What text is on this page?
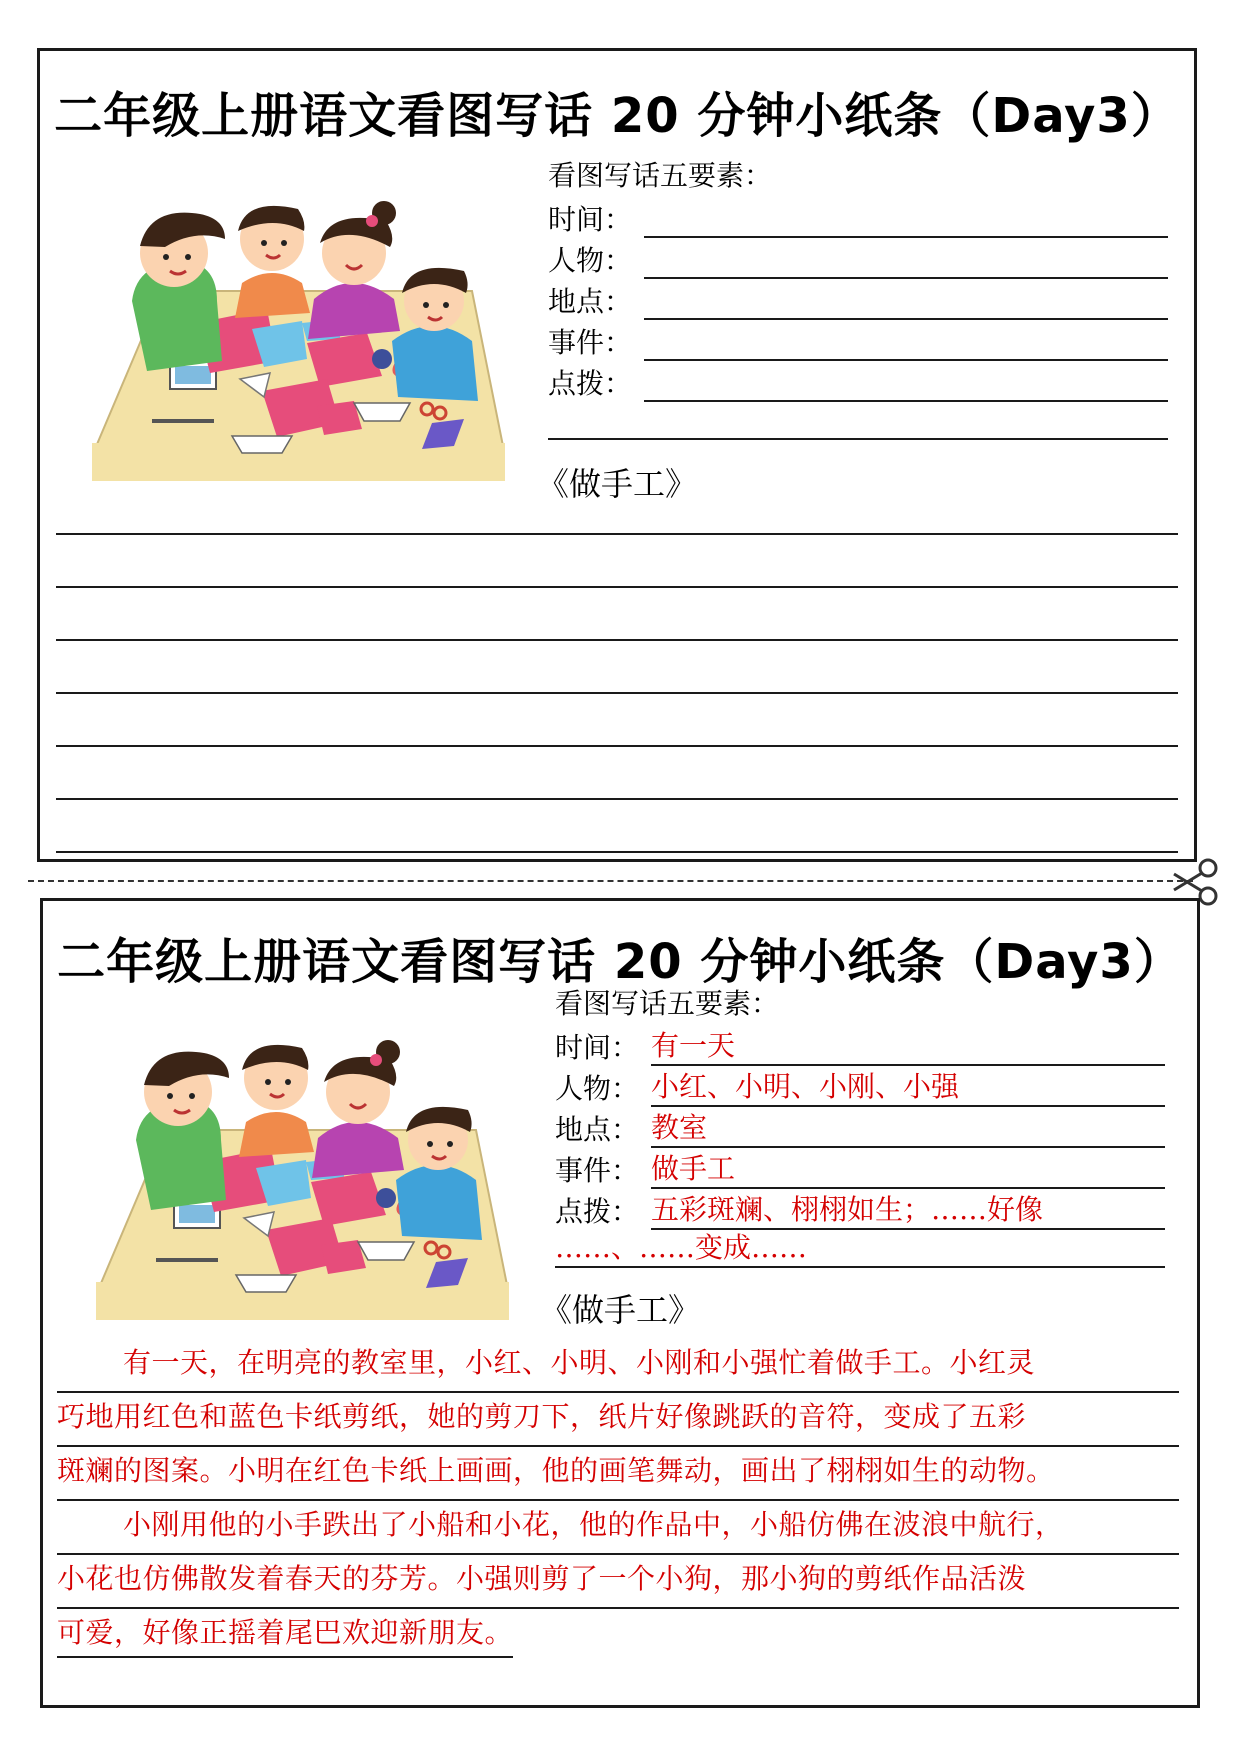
二年级上册语文看图写话 20 分钟小纸条（Day3）
看图写话五要素：
时间：
人物：
地点：
事件：
点拨：
《做手工》
二年级上册语文看图写话 20 分钟小纸条（Day3）
看图写话五要素：
时间： 有一天
人物： 小红、小明、小刚、小强
地点： 教室
事件： 做手工
点拨： 五彩斑斓、栩栩如生；……好像
……、……变成……
《做手工》
有一天，在明亮的教室里，小红、小明、小刚和小强忙着做手工。小红灵
巧地用红色和蓝色卡纸剪纸，她的剪刀下，纸片好像跳跃的音符，变成了五彩
斑斓的图案。小明在红色卡纸上画画，他的画笔舞动，画出了栩栩如生的动物。
小刚用他的小手跌出了小船和小花，他的作品中，小船仿佛在波浪中航行，
小花也仿佛散发着春天的芬芳。小强则剪了一个小狗，那小狗的剪纸作品活泼
可爱，好像正摇着尾巴欢迎新朋友。
